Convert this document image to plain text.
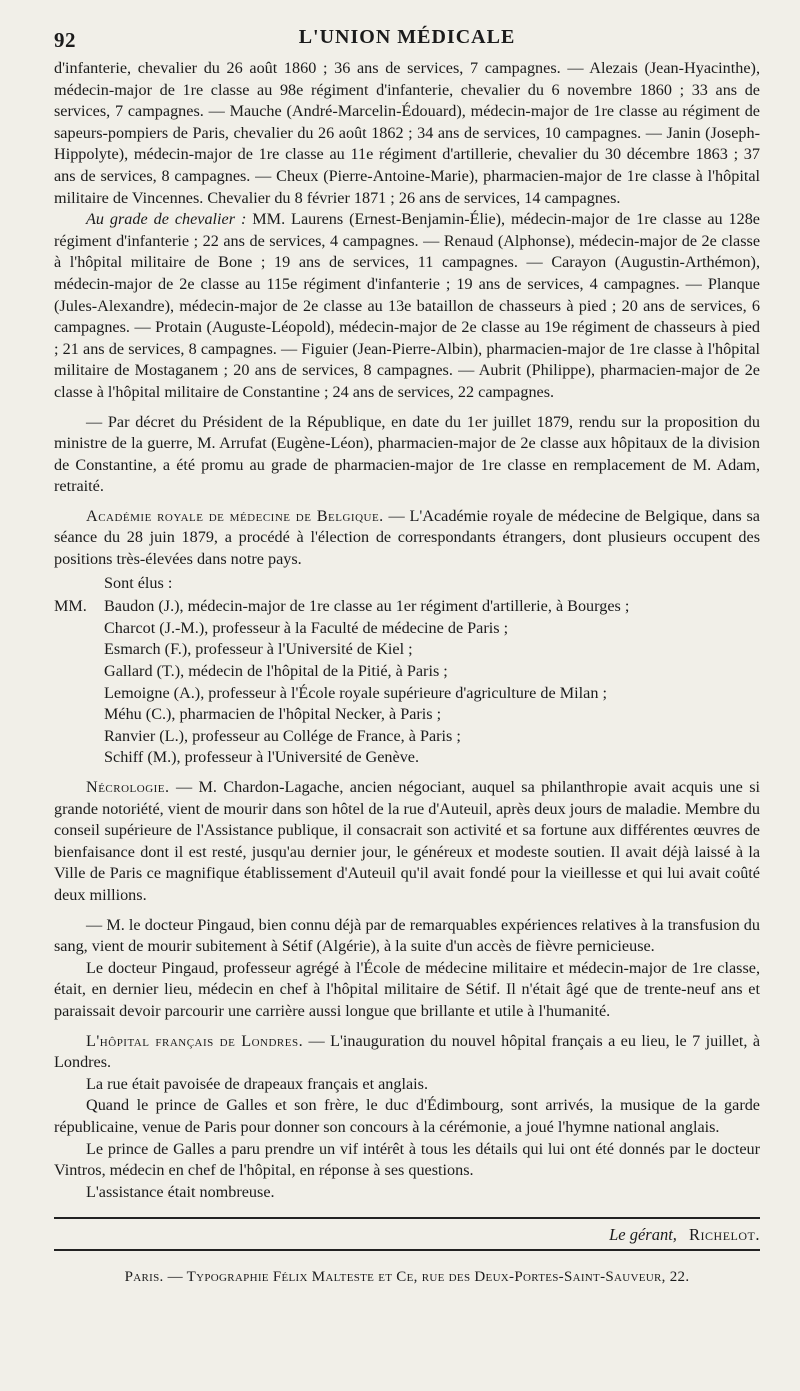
92	L'UNION MÉDICALE

d'infanterie, chevalier du 26 août 1860 ; 36 ans de services, 7 campagnes. — Alezais (Jean-Hyacinthe), médecin-major de 1re classe au 98e régiment d'infanterie, chevalier du 6 novembre 1860 ; 33 ans de services, 7 campagnes. — Mauche (André-Marcelin-Édouard), médecin-major de 1re classe au régiment de sapeurs-pompiers de Paris, chevalier du 26 août 1862 ; 34 ans de services, 10 campagnes. — Janin (Joseph-Hippolyte), médecin-major de 1re classe au 11e régiment d'artillerie, chevalier du 30 décembre 1863 ; 37 ans de services, 8 campagnes. — Cheux (Pierre-Antoine-Marie), pharmacien-major de 1re classe à l'hôpital militaire de Vincennes. Chevalier du 8 février 1871 ; 26 ans de services, 14 campagnes.

Au grade de chevalier : MM. Laurens (Ernest-Benjamin-Élie), médecin-major de 1re classe au 128e régiment d'infanterie ; 22 ans de services, 4 campagnes. — Renaud (Alphonse), médecin-major de 2e classe à l'hôpital militaire de Bone ; 19 ans de services, 11 campagnes. — Carayon (Augustin-Arthémon), médecin-major de 2e classe au 115e régiment d'infanterie ; 19 ans de services, 4 campagnes. — Planque (Jules-Alexandre), médecin-major de 2e classe au 13e bataillon de chasseurs à pied ; 20 ans de services, 6 campagnes. — Protain (Auguste-Léopold), médecin-major de 2e classe au 19e régiment de chasseurs à pied ; 21 ans de services, 8 campagnes. — Figuier (Jean-Pierre-Albin), pharmacien-major de 1re classe à l'hôpital militaire de Mostaganem ; 20 ans de services, 8 campagnes. — Aubrit (Philippe), pharmacien-major de 2e classe à l'hôpital militaire de Constantine ; 24 ans de services, 22 campagnes.

— Par décret du Président de la République, en date du 1er juillet 1879, rendu sur la proposition du ministre de la guerre, M. Arrufat (Eugène-Léon), pharmacien-major de 2e classe aux hôpitaux de la division de Constantine, a été promu au grade de pharmacien-major de 1re classe en remplacement de M. Adam, retraité.

Académie royale de médecine de Belgique. — L'Académie royale de médecine de Belgique, dans sa séance du 28 juin 1879, a procédé à l'élection de correspondants étrangers, dont plusieurs occupent des positions très-élevées dans notre pays.

Sont élus :

MM. Baudon (J.), médecin-major de 1re classe au 1er régiment d'artillerie, à Bourges ;
Charcot (J.-M.), professeur à la Faculté de médecine de Paris ;
Esmarch (F.), professeur à l'Université de Kiel ;
Gallard (T.), médecin de l'hôpital de la Pitié, à Paris ;
Lemoigne (A.), professeur à l'École royale supérieure d'agriculture de Milan ;
Méhu (C.), pharmacien de l'hôpital Necker, à Paris ;
Ranvier (L.), professeur au Collége de France, à Paris ;
Schiff (M.), professeur à l'Université de Genève.

Nécrologie. — M. Chardon-Lagache, ancien négociant, auquel sa philanthropie avait acquis une si grande notoriété, vient de mourir dans son hôtel de la rue d'Auteuil, après deux jours de maladie. Membre du conseil supérieure de l'Assistance publique, il consacrait son activité et sa fortune aux différentes œuvres de bienfaisance dont il est resté, jusqu'au dernier jour, le généreux et modeste soutien. Il avait déjà laissé à la Ville de Paris ce magnifique établissement d'Auteuil qu'il avait fondé pour la vieillesse et qui lui avait coûté deux millions.

— M. le docteur Pingaud, bien connu déjà par de remarquables expériences relatives à la transfusion du sang, vient de mourir subitement à Sétif (Algérie), à la suite d'un accès de fièvre pernicieuse.

Le docteur Pingaud, professeur agrégé à l'École de médecine militaire et médecin-major de 1re classe, était, en dernier lieu, médecin en chef à l'hôpital militaire de Sétif. Il n'était âgé que de trente-neuf ans et paraissait devoir parcourir une carrière aussi longue que brillante et utile à l'humanité.

L'hôpital français de Londres. — L'inauguration du nouvel hôpital français a eu lieu, le 7 juillet, à Londres.

La rue était pavoisée de drapeaux français et anglais.

Quand le prince de Galles et son frère, le duc d'Édimbourg, sont arrivés, la musique de la garde républicaine, venue de Paris pour donner son concours à la cérémonie, a joué l'hymne national anglais.

Le prince de Galles a paru prendre un vif intérêt à tous les détails qui lui ont été donnés par le docteur Vintros, médecin en chef de l'hôpital, en réponse à ses questions.

L'assistance était nombreuse.

Le gérant, Richelot.
Paris. — Typographie Félix Malteste et Ce, rue des Deux-Portes-Saint-Sauveur, 22.
